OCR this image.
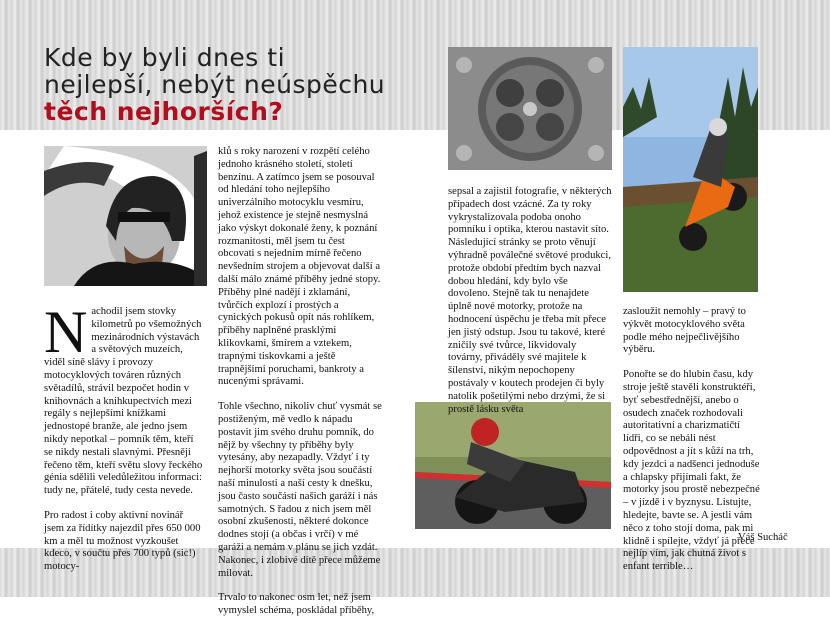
Kde by byli dnes ti
nejlepší, nebýt neúspěchu
těch nejhorších?

Nachodil jsem stovky kilometrů po všemožných mezinárodních výstavách a světových muzeích, viděl síně slávy i provozy motocyklových továren různých světadílů, strávil bezpočet hodin v knihovnách a knihkupectvích mezi regály s nejlepšími knížkami jednostopé branže, ale jedno jsem nikdy nepotkal – pomník těm, kteří se nikdy nestali slavnými. Přesněji řečeno těm, kteří světu slovy řeckého génia sdělili veledůležitou informaci: tudy ne, přátelé, tudy cesta nevede.

Pro radost i coby aktivní novinář jsem za řídítky najezdil přes 650 000 km a měl tu možnost vyzkoušet kdeco, v součtu přes 700 typů (sic!) motocy-

klů s roky narození v rozpětí celého jednoho krásného století, století benzínu. A zatímco jsem se posouval od hledání toho nejlepšího univerzálního motocyklu vesmíru, jehož existence je stejně nesmyslná jako výskyt dokonalé ženy, k poznání rozmanitosti, měl jsem tu čest obcovati s nejedním mírně řečeno nevšedním strojem a objevovat další a další málo známé příběhy jedné stopy. Příběhy plné nadějí i zklamání, tvůrčích explozí i prostých a cynických pokusů opít nás rohlíkem, příběhy naplněné prasklými klikovkami, šmírem a vztekem, trapnými tiskovkami a ještě trapnějšími poruchami, bankroty a nucenými správami.

Tohle všechno, nikoliv chuť vysmát se postiženým, mě vedlo k nápadu postavit jim svého druhu pomník, do nějž by všechny ty příběhy byly vytesány, aby nezapadly. Vždyť i ty nejhorší motorky světa jsou součástí naší minulosti a naší cesty k dnešku, jsou často součástí našich garáží i nás samotných. S řadou z nich jsem měl osobní zkušenosti, některé dokonce dodnes stojí (a občas i vrčí) v mé garáži a nemám v plánu se jich vzdát. Nakonec, i zlobivé dítě přece můžeme milovat.

Trvalo to nakonec osm let, než jsem vymyslel schéma, poskládal příběhy,

sepsal a zajistil fotografie, v některých případech dost vzácné. Za ty roky vykrystalizovala podoba onoho pomníku i optika, kterou nastavit síto. Následující stránky se proto věnují výhradně poválečné světové produkci, protože období předtím bych nazval dobou hledání, kdy bylo vše dovoleno. Stejně tak tu nenajdete úplně nové motorky, protože na hodnocení úspěchu je třeba mít přece jen jistý odstup. Jsou tu takové, které zničily své tvůrce, likvidovaly továrny, přiváděly své majitele k šílenství, nikým nepochopeny postávaly v koutech prodejen či byly natolik pošetilými nebo drzými, že si prostě lásku světa

zasloužit nemohly – pravý to výkvět motocyklového světa podle mého nejpečlivějšího výběru.

Ponořte se do hlubin času, kdy stroje ještě stavěli konstruktéři, byť sebestřednější, anebo o osudech značek rozhodovali autoritativní a charizmatičtí lídři, co se nebáli nést odpovědnost a jít s kůží na trh, kdy jezdci a nadšenci jednoduše a chlapsky přijímali fakt, že motorky jsou prostě nebezpečné – v jízdě i v byznysu. Listujte, hledejte, bavte se. A jestli vám něco z toho stojí doma, pak mi klidně i spílejte, vždyť já přece nejlíp vím, jak chutná život s enfant terrible…

Váš Sucháč
